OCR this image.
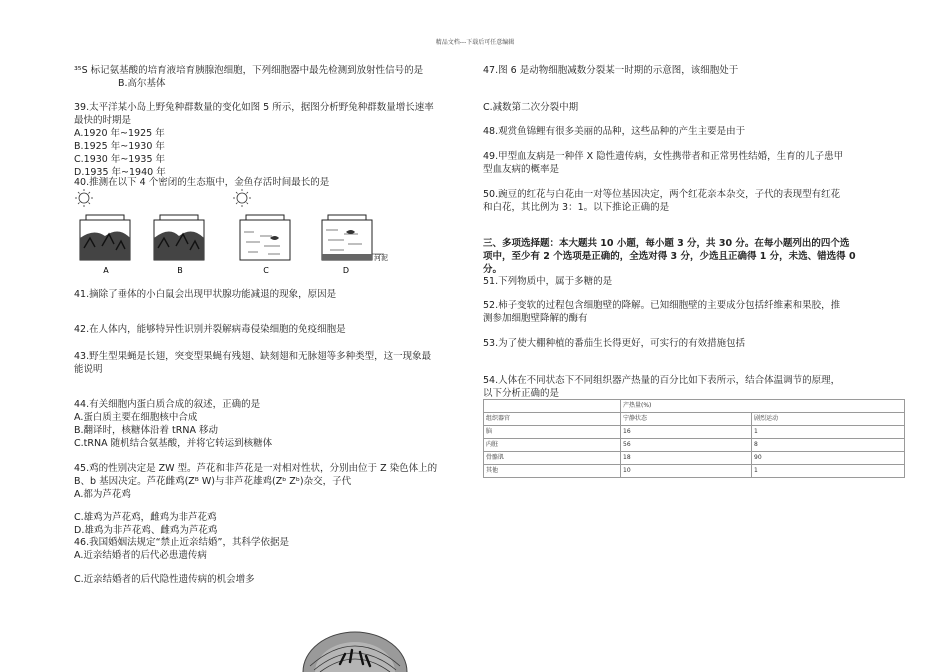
精品文档---下载后可任意编辑
³⁵S 标记氨基酸的培育液培育胰腺泡细胞，下列细胞器中最先检测到放射性信号的是
B.高尔基体
39.太平洋某小岛上野兔种群数量的变化如图 5 所示，据图分析野兔种群数量增长速率
最快的时期是
A.1920 年~1925 年
B.1925 年~1930 年
C.1930 年~1935 年
D.1935 年~1940 年
40.推测在以下 4 个密闭的生态瓶中，金鱼存活时间最长的是
41.摘除了垂体的小白鼠会出现甲状腺功能减退的现象，原因是
42.在人体内，能够特异性识别并裂解病毒侵染细胞的免疫细胞是
43.野生型果蝇是长翅，突变型果蝇有残翅、缺刻翅和无脉翅等多种类型，这一现象最
能说明
44.有关细胞内蛋白质合成的叙述，正确的是
A.蛋白质主要在细胞核中合成
B.翻译时，核糖体沿着 tRNA 移动
C.tRNA 随机结合氨基酸，并将它转运到核糖体
45.鸡的性别决定是 ZW 型。芦花和非芦花是一对相对性状，分别由位于 Z 染色体上的
B、b 基因决定。芦花雌鸡(Zᴮ W)与非芦花雄鸡(Zᵇ Zᵇ)杂交，子代
A.都为芦花鸡
C.雄鸡为芦花鸡，雌鸡为非芦花鸡
D.雄鸡为非芦花鸡、雌鸡为芦花鸡
46.我国婚姻法规定“禁止近亲结婚”，其科学依据是
A.近亲结婚者的后代必患遗传病
C.近亲结婚者的后代隐性遗传病的机会增多
A	B	C	D
河泥
47.图 6 是动物细胞减数分裂某一时期的示意图，该细胞处于
C.减数第二次分裂中期
48.观赏鱼锦鲤有很多美丽的品种，这些品种的产生主要是由于
49.甲型血友病是一种伴 X 隐性遗传病，女性携带者和正常男性结婚，生育的儿子患甲
型血友病的概率是
50.豌豆的红花与白花由一对等位基因决定，两个红花亲本杂交，子代的表现型有红花
和白花，其比例为 3：1。以下推论正确的是
三、多项选择题：本大题共 10 小题，每小题 3 分，共 30 分。在每小题列出的四个选
项中，至少有 2 个选项是正确的，全选对得 3 分，少选且正确得 1 分，未选、错选得 0
分。
51.下列物质中，属于多糖的是
52.柿子变软的过程包含细胞壁的降解。已知细胞壁的主要成分包括纤维素和果胶，推
测参加细胞壁降解的酶有
53.为了使大棚种植的番茄生长得更好，可实行的有效措施包括
54.人体在不同状态下不同组织器产热量的百分比如下表所示，结合体温调节的原理，
以下分析正确的是
	产热量(%)	
组织器官	宁静状态	剧烈运动
脑	16	1
内脏	56	8
骨骼肌	18	90
其他	10	1
